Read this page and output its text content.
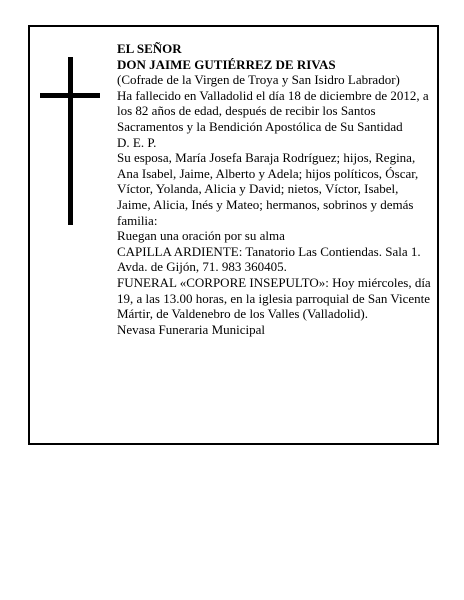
EL SEÑOR

DON JAIME GUTIÉRREZ DE RIVAS

(Cofrade de la Virgen de Troya y San Isidro Labrador)

Ha fallecido en Valladolid el día 18 de diciembre de 2012, a los 82 años de edad, después de recibir los Santos Sacramentos y la Bendición Apostólica de Su Santidad

D. E. P.

Su esposa, María Josefa Baraja Rodríguez; hijos, Regina, Ana Isabel, Jaime, Alberto y Adela; hijos políticos, Óscar, Víctor, Yolanda, Alicia y David; nietos, Víctor, Isabel, Jaime, Alicia, Inés y Mateo; hermanos, sobrinos y demás familia:

Ruegan una oración por su alma

CAPILLA ARDIENTE: Tanatorio Las Contiendas. Sala 1. Avda. de Gijón, 71. 983 360405.

FUNERAL «CORPORE INSEPULTO»: Hoy miércoles, día 19, a las 13.00 horas, en la iglesia parroquial de San Vicente Mártir, de Valdenebro de los Valles (Valladolid).

Nevasa Funeraria Municipal
